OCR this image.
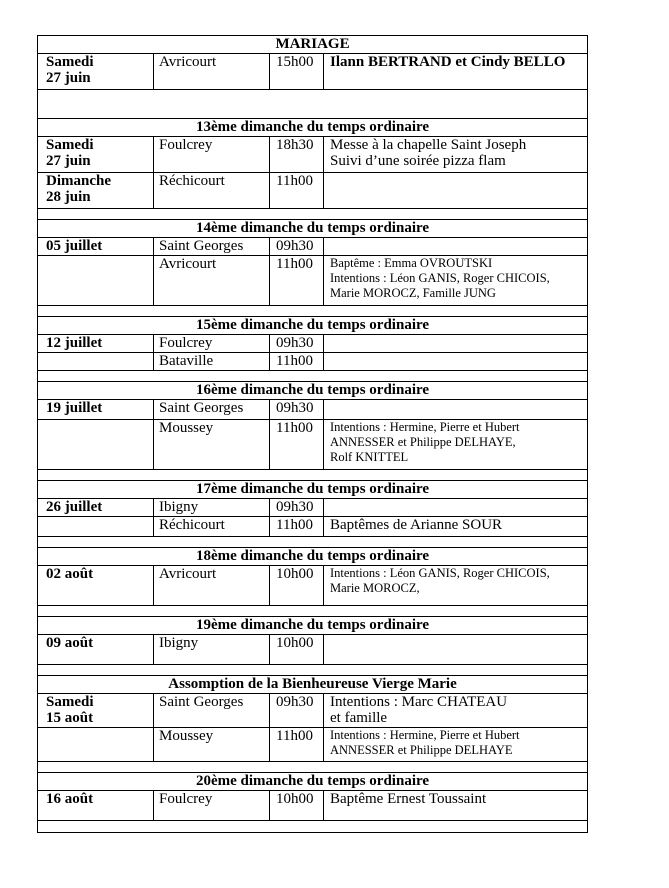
MARIAGE			

Samedi
27 juin	Avricourt	15h00	Ilann BERTRAND et Cindy BELLO

13ème dimanche du temps ordinaire			

Samedi
27 juin	Foulcrey	18h30	Messe à la chapelle Saint Joseph
Suivi d’une soirée pizza flam

Dimanche
28 juin	Réchicourt	11h00	

14ème dimanche du temps ordinaire			

05 juillet	Saint Georges	09h30	
	Avricourt	11h00	Baptême : Emma OVROUTSKI
Intentions : Léon GANIS, Roger CHICOIS,
Marie MOROCZ, Famille JUNG

15ème dimanche du temps ordinaire			

12 juillet	Foulcrey	09h30	
	Bataville	11h00	

16ème dimanche du temps ordinaire			

19 juillet	Saint Georges	09h30	
	Moussey	11h00	Intentions : Hermine, Pierre et Hubert
ANNESSER et Philippe DELHAYE,
Rolf KNITTEL

17ème dimanche du temps ordinaire			

26 juillet	Ibigny	09h30	
	Réchicourt	11h00	Baptêmes de Arianne SOUR

18ème dimanche du temps ordinaire			

02 août	Avricourt	10h00	Intentions : Léon GANIS, Roger CHICOIS,
Marie MOROCZ,

19ème dimanche du temps ordinaire			

09 août	Ibigny	10h00	

Assomption de la Bienheureuse Vierge Marie			

Samedi
15 août	Saint Georges	09h30	Intentions : Marc CHATEAU
et famille

	Moussey	11h00	Intentions : Hermine, Pierre et Hubert
ANNESSER et Philippe DELHAYE

20ème dimanche du temps ordinaire			

16 août	Foulcrey	10h00	Baptême Ernest Toussaint
